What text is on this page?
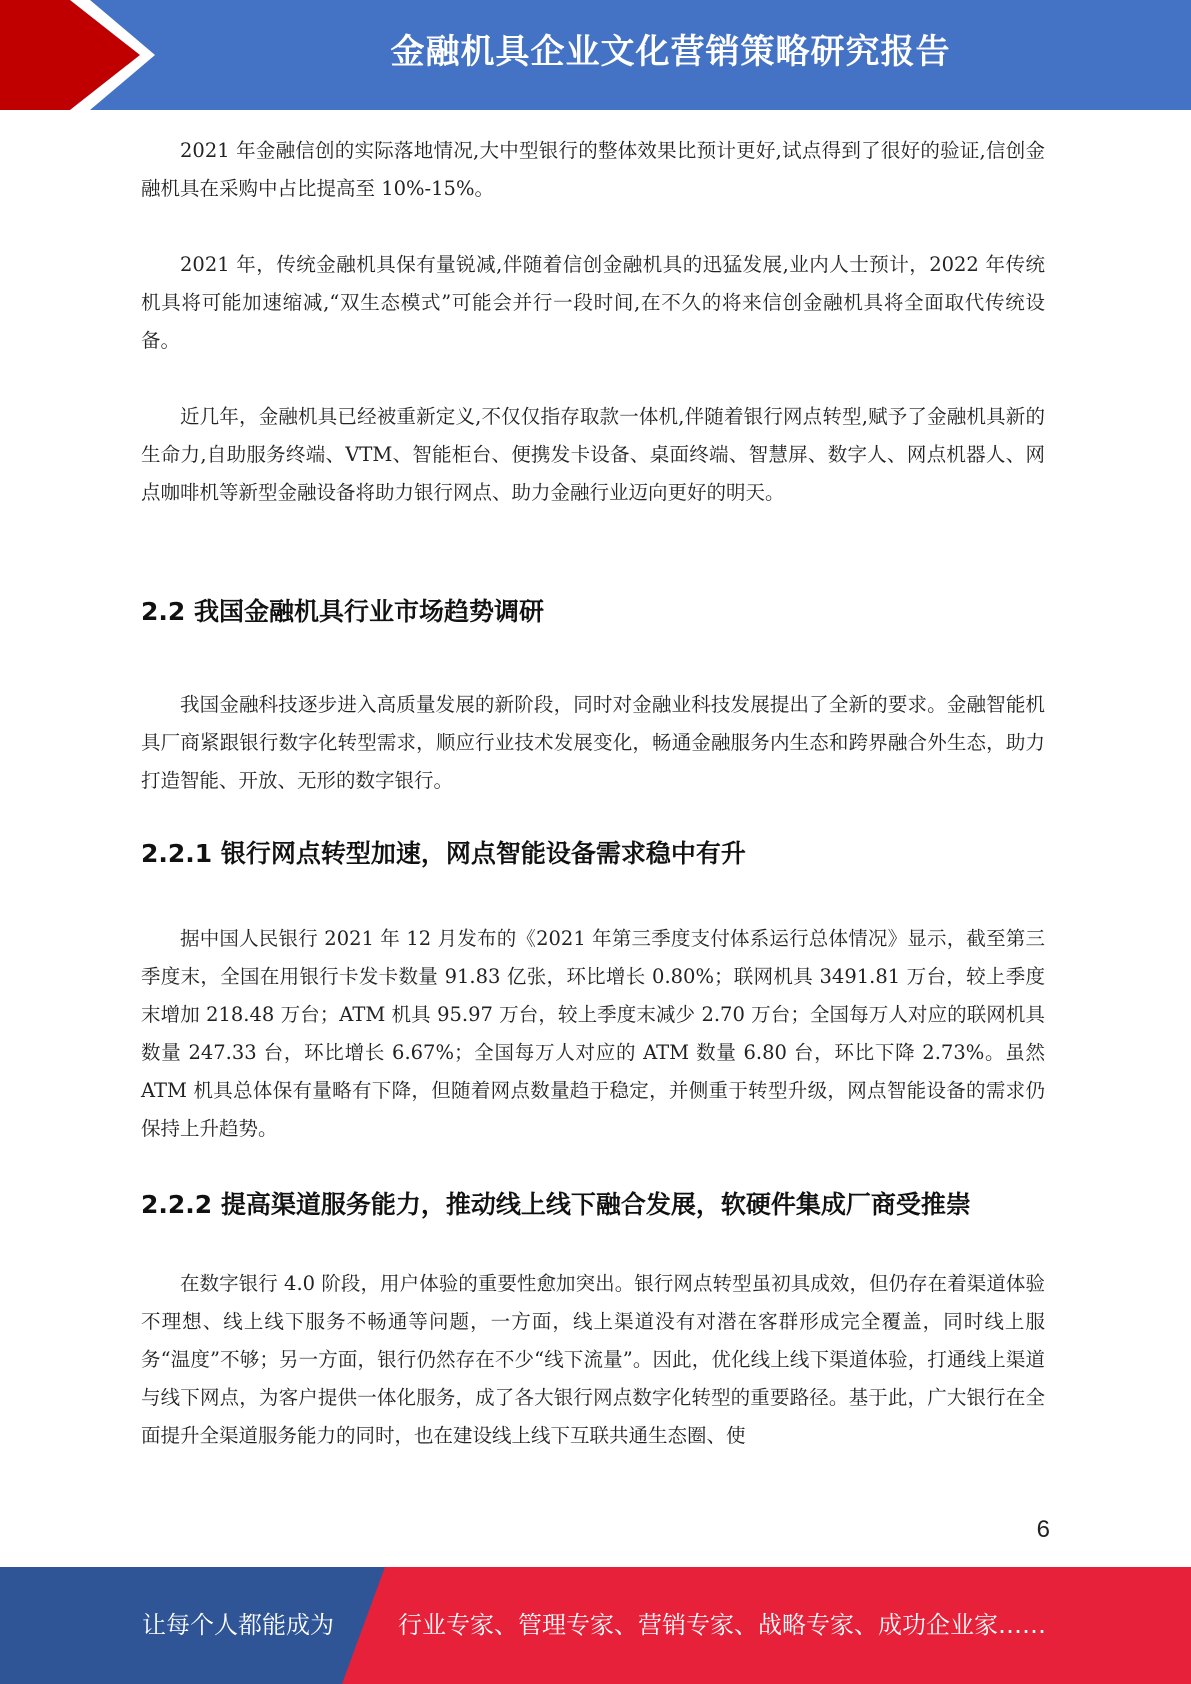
金融机具企业文化营销策略研究报告

2021 年金融信创的实际落地情况,大中型银行的整体效果比预计更好,试点得到了很好的验证,信创金融机具在采购中占比提高至 10%-15%。

2021 年，传统金融机具保有量锐减,伴随着信创金融机具的迅猛发展,业内人士预计，2022 年传统机具将可能加速缩减,“双生态模式”可能会并行一段时间,在不久的将来信创金融机具将全面取代传统设备。

近几年，金融机具已经被重新定义,不仅仅指存取款一体机,伴随着银行网点转型,赋予了金融机具新的生命力,自助服务终端、VTM、智能柜台、便携发卡设备、桌面终端、智慧屏、数字人、网点机器人、网点咖啡机等新型金融设备将助力银行网点、助力金融行业迈向更好的明天。

2.2 我国金融机具行业市场趋势调研

我国金融科技逐步进入高质量发展的新阶段，同时对金融业科技发展提出了全新的要求。金融智能机具厂商紧跟银行数字化转型需求，顺应行业技术发展变化，畅通金融服务内生态和跨界融合外生态，助力打造智能、开放、无形的数字银行。

2.2.1 银行网点转型加速，网点智能设备需求稳中有升

据中国人民银行 2021 年 12 月发布的《2021 年第三季度支付体系运行总体情况》显示，截至第三季度末，全国在用银行卡发卡数量 91.83 亿张，环比增长 0.80%；联网机具 3491.81 万台，较上季度末增加 218.48 万台；ATM 机具 95.97 万台，较上季度末减少 2.70 万台；全国每万人对应的联网机具数量 247.33 台，环比增长 6.67%；全国每万人对应的 ATM 数量 6.80 台，环比下降 2.73%。虽然 ATM 机具总体保有量略有下降，但随着网点数量趋于稳定，并侧重于转型升级，网点智能设备的需求仍保持上升趋势。

2.2.2 提高渠道服务能力，推动线上线下融合发展，软硬件集成厂商受推崇

在数字银行 4.0 阶段，用户体验的重要性愈加突出。银行网点转型虽初具成效，但仍存在着渠道体验不理想、线上线下服务不畅通等问题，一方面，线上渠道没有对潜在客群形成完全覆盖，同时线上服务“温度”不够；另一方面，银行仍然存在不少“线下流量”。因此，优化线上线下渠道体验，打通线上渠道与线下网点，为客户提供一体化服务，成了各大银行网点数字化转型的重要路径。基于此，广大银行在全面提升全渠道服务能力的同时，也在建设线上线下互联共通生态圈、使

6
让每个人都能成为	行业专家、管理专家、营销专家、战略专家、成功企业家……
